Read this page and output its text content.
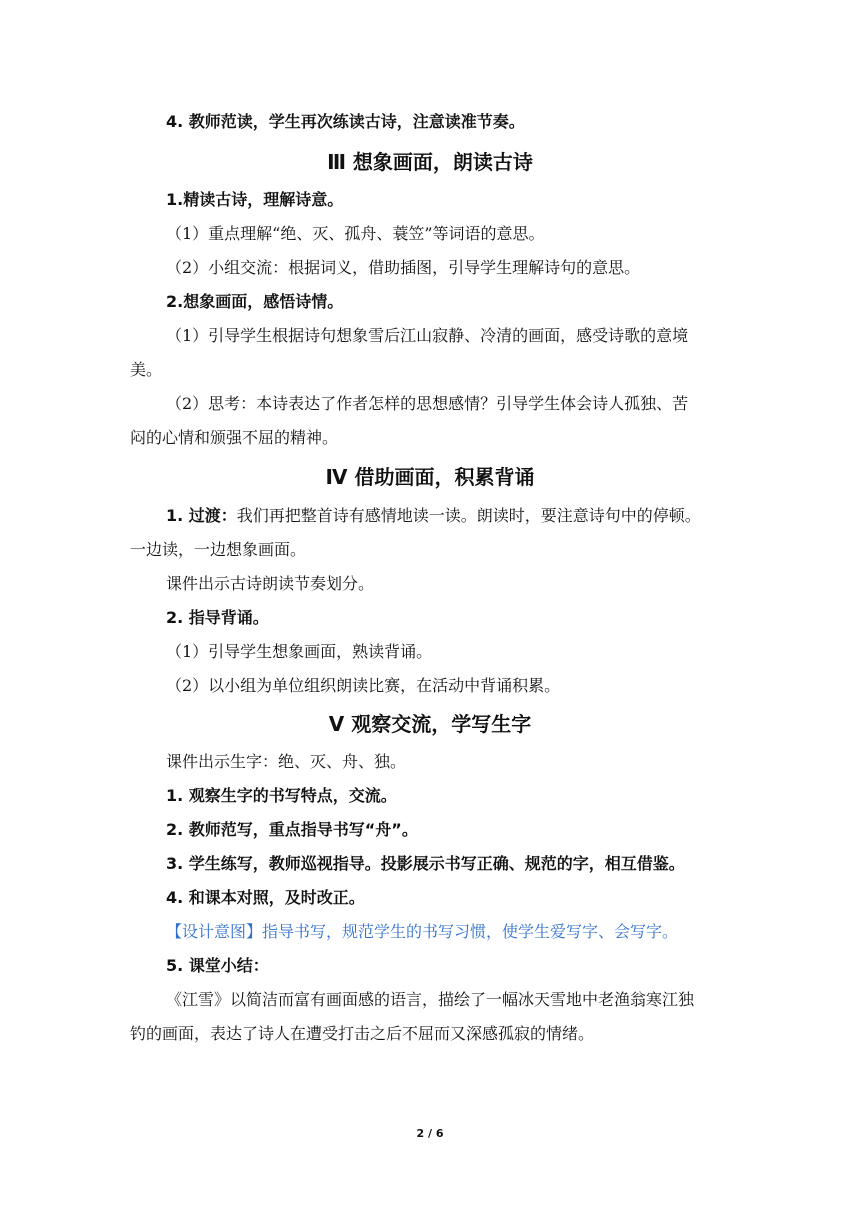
4. 教师范读，学生再次练读古诗，注意读准节奏。
Ⅲ 想象画面，朗读古诗
1.精读古诗，理解诗意。
（1）重点理解“绝、灭、孤舟、蓑笠”等词语的意思。
（2）小组交流：根据词义，借助插图，引导学生理解诗句的意思。
2.想象画面，感悟诗情。
（1）引导学生根据诗句想象雪后江山寂静、冷清的画面，感受诗歌的意境
美。
（2）思考：本诗表达了作者怎样的思想感情？引导学生体会诗人孤独、苦
闷的心情和颁强不屈的精神。
Ⅳ 借助画面，积累背诵
1. 过渡：我们再把整首诗有感情地读一读。朗读时，要注意诗句中的停顿。
一边读，一边想象画面。
课件出示古诗朗读节奏划分。
2. 指导背诵。
（1）引导学生想象画面，熟读背诵。
（2）以小组为单位组织朗读比赛，在活动中背诵积累。
Ⅴ 观察交流，学写生字
课件出示生字：绝、灭、舟、独。
1. 观察生字的书写特点，交流。
2. 教师范写，重点指导书写“舟”。
3. 学生练写，教师巡视指导。投影展示书写正确、规范的字，相互借鉴。
4. 和课本对照，及时改正。
【设计意图】指导书写，规范学生的书写习惯，使学生爱写字、会写字。
5. 课堂小结：
《江雪》以简洁而富有画面感的语言，描绘了一幅冰天雪地中老渔翁寒江独
钓的画面，表达了诗人在遭受打击之后不屈而又深感孤寂的情绪。
2 / 6
